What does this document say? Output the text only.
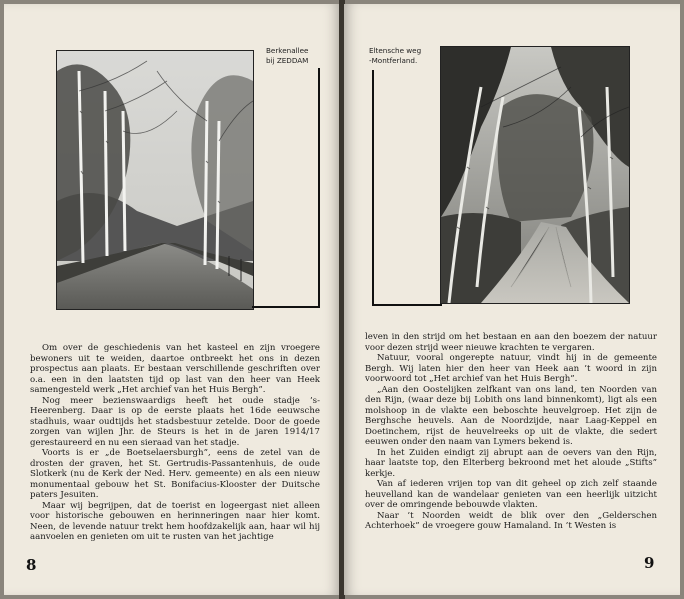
Berkenallee
bij ZEDDAM

Om over de geschiedenis van het kasteel en zijn vroegere bewoners uit te weiden, daartoe ontbreekt het ons in dezen prospectus aan plaats. Er bestaan verschillende geschriften over o.a. een in den laatsten tijd op last van den heer van Heek samengesteld werk „Het archief van het Huis Bergh”.

Nog meer bezienswaardigs heeft het oude stadje ’s-Heerenberg. Daar is op de eerste plaats het 16de eeuwsche stadhuis, waar oudtijds het stadsbestuur zetelde. Door de goede zorgen van wijlen Jhr. de Steurs is het in de jaren 1914/17 gerestaureerd en nu een sieraad van het stadje.

Voorts is er „de Boetselaersburgh”, eens de zetel van de drosten der graven, het St. Gertrudis-Passantenhuis, de oude Slotkerk (nu de Kerk der Ned. Herv. gemeente) en als een nieuw monumentaal gebouw het St. Bonifacius-Klooster der Duitsche paters Jesuiten.

Maar wij begrijpen, dat de toerist en logeergast niet alleen voor historische gebouwen en herinneringen naar hier komt. Neen, de levende natuur trekt hem hoofdzakelijk aan, haar wil hij aanvoelen en genieten om uit te rusten van het jachtige

8
Eltensche weg
-Montferland.

leven in den strijd om het bestaan en aan den boezem der natuur voor dezen strijd weer nieuwe krachten te vergaren.

Natuur, vooral ongerepte natuur, vindt hij in de gemeente Bergh. Wij laten hier den heer van Heek aan ’t woord in zijn voorwoord tot „Het archief van het Huis Bergh”.

„Aan den Oostelijken zelfkant van ons land, ten Noorden van den Rijn, (waar deze bij Lobith ons land binnenkomt), ligt als een molshoop in de vlakte een beboschte heuvelgroep. Het zijn de Berghsche heuvels. Aan de Noordzijde, naar Laag-Keppel en Doetinchem, rijst de heuvelreeks op uit de vlakte, die sedert eeuwen onder den naam van Lymers bekend is.

In het Zuiden eindigt zij abrupt aan de oevers van den Rijn, haar laatste top, den Elterberg bekroond met het aloude „Stifts” kerkje.

Van af iederen vrijen top van dit geheel op zich zelf staande heuvelland kan de wandelaar genieten van een heerlijk uitzicht over de omringende bebouwde vlakten.

Naar ’t Noorden weidt de blik over den „Gelderschen Achterhoek” de vroegere gouw Hamaland. In ’t Westen is

9
